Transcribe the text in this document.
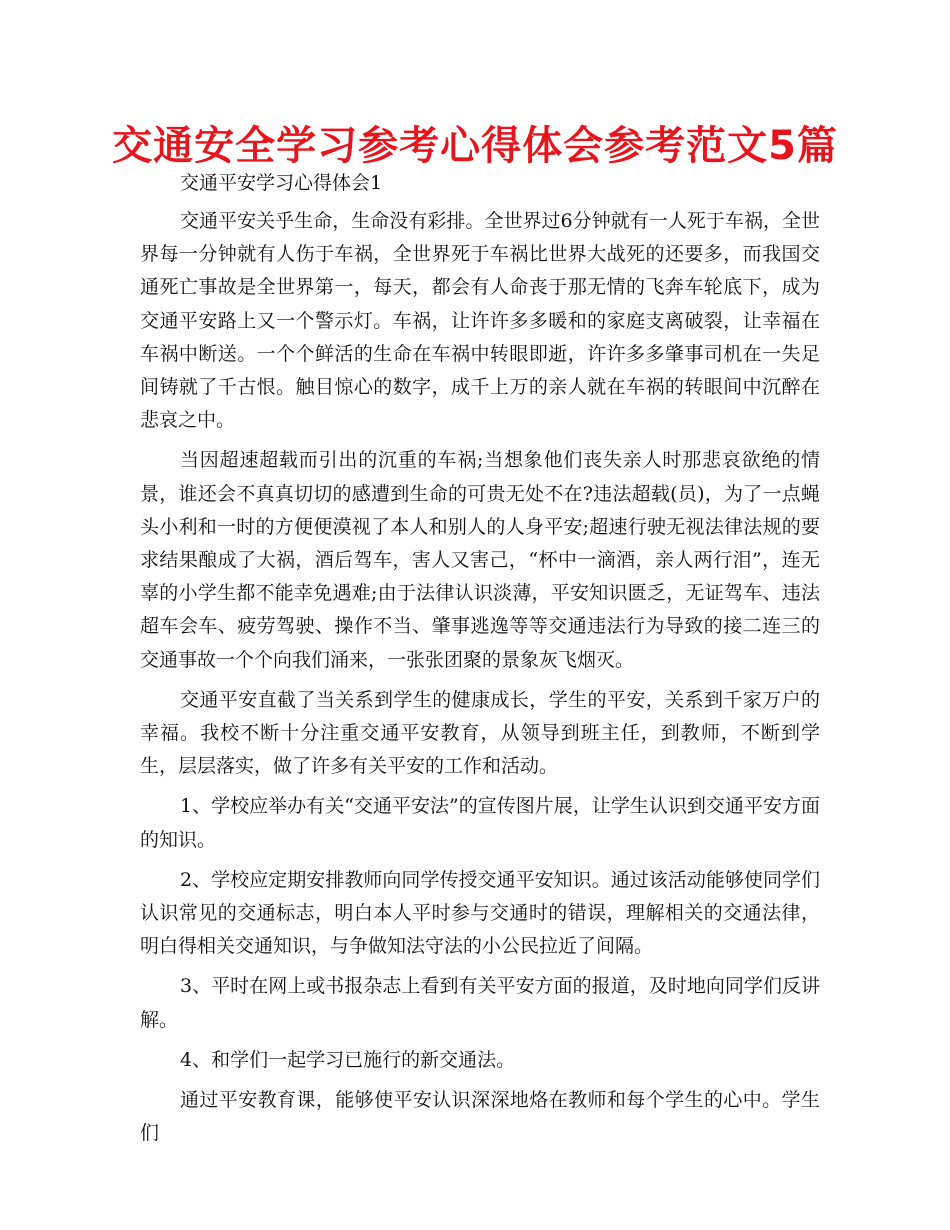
交通安全学习参考心得体会参考范文5篇

交通平安学习心得体会1

交通平安关乎生命，生命没有彩排。全世界过6分钟就有一人死于车祸，全世界每一分钟就有人伤于车祸，全世界死于车祸比世界大战死的还要多，而我国交通死亡事故是全世界第一，每天，都会有人命丧于那无情的飞奔车轮底下，成为交通平安路上又一个警示灯。车祸，让许许多多暖和的家庭支离破裂，让幸福在车祸中断送。一个个鲜活的生命在车祸中转眼即逝，许许多多肇事司机在一失足间铸就了千古恨。触目惊心的数字，成千上万的亲人就在车祸的转眼间中沉醉在悲哀之中。

当因超速超载而引出的沉重的车祸;当想象他们丧失亲人时那悲哀欲绝的情景，谁还会不真真切切的感遭到生命的可贵无处不在?违法超载(员)，为了一点蝇头小利和一时的方便便漠视了本人和别人的人身平安;超速行驶无视法律法规的要求结果酿成了大祸，酒后驾车，害人又害己，“杯中一滴酒，亲人两行泪”，连无辜的小学生都不能幸免遇难;由于法律认识淡薄，平安知识匮乏，无证驾车、违法超车会车、疲劳驾驶、操作不当、肇事逃逸等等交通违法行为导致的接二连三的交通事故一个个向我们涌来，一张张团聚的景象灰飞烟灭。

交通平安直截了当关系到学生的健康成长，学生的平安，关系到千家万户的幸福。我校不断十分注重交通平安教育，从领导到班主任，到教师，不断到学生，层层落实，做了许多有关平安的工作和活动。

1、学校应举办有关“交通平安法”的宣传图片展，让学生认识到交通平安方面的知识。

2、学校应定期安排教师向同学传授交通平安知识。通过该活动能够使同学们认识常见的交通标志，明白本人平时参与交通时的错误，理解相关的交通法律，明白得相关交通知识，与争做知法守法的小公民拉近了间隔。

3、平时在网上或书报杂志上看到有关平安方面的报道，及时地向同学们反讲解。

4、和学们一起学习已施行的新交通法。

通过平安教育课，能够使平安认识深深地烙在教师和每个学生的心中。学生们
